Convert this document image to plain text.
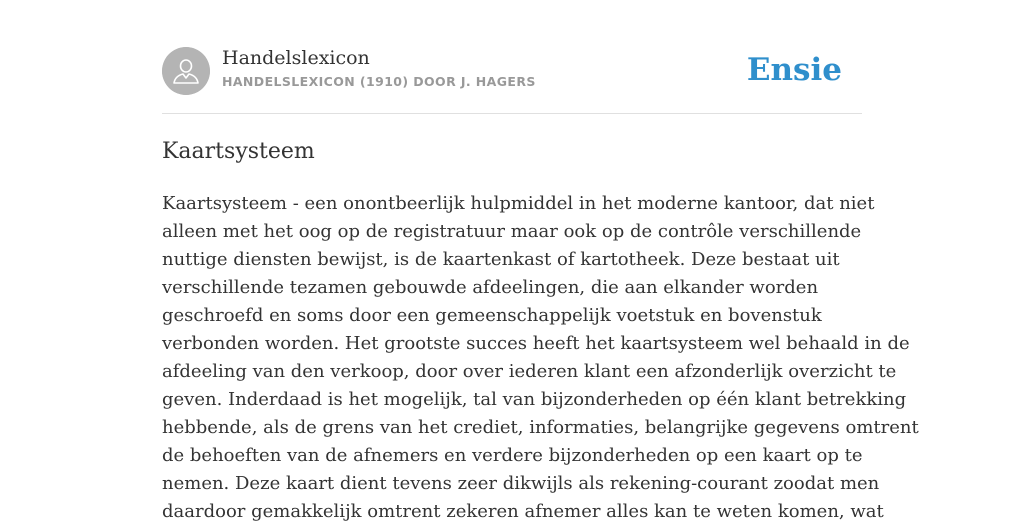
Handelslexicon
HANDELSLEXICON (1910) DOOR J. HAGERS	Ensie
Kaartsysteem
Kaartsysteem - een onontbeerlijk hulpmiddel in het moderne kantoor, dat niet
alleen met het oog op de registratuur maar ook op de contrôle verschillende
nuttige diensten bewijst, is de kaartenkast of kartotheek. Deze bestaat uit
verschillende tezamen gebouwde afdeelingen, die aan elkander worden
geschroefd en soms door een gemeenschappelijk voetstuk en bovenstuk
verbonden worden. Het grootste succes heeft het kaartsysteem wel behaald in de
afdeeling van den verkoop, door over iederen klant een afzonderlijk overzicht te
geven. Inderdaad is het mogelijk, tal van bijzonderheden op één klant betrekking
hebbende, als de grens van het crediet, informaties, belangrijke gegevens omtrent
de behoeften van de afnemers en verdere bijzonderheden op een kaart op te
nemen. Deze kaart dient tevens zeer dikwijls als rekening-courant zoodat men
daardoor gemakkelijk omtrent zekeren afnemer alles kan te weten komen, wat
